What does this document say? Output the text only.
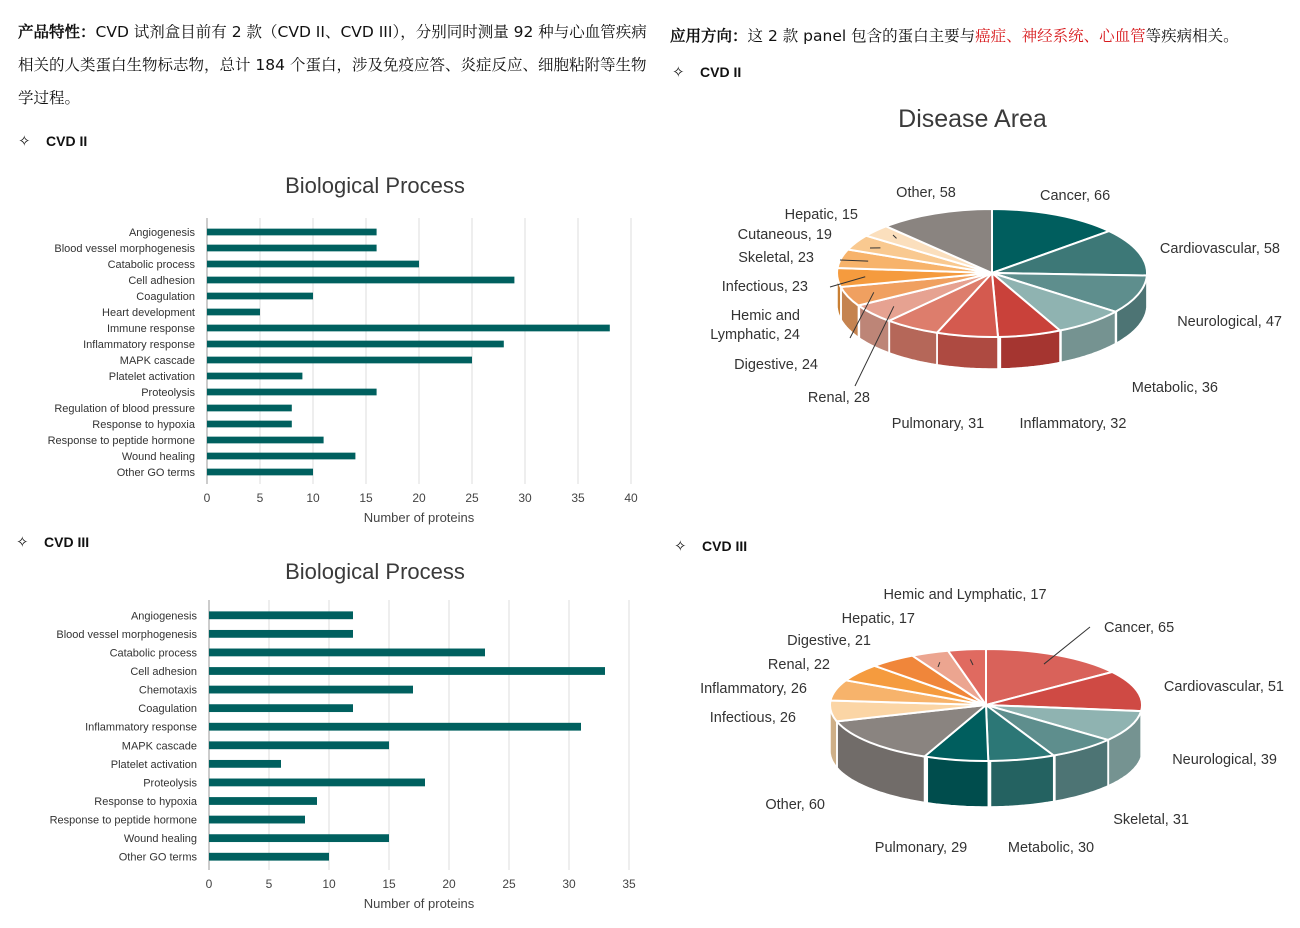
产品特性：CVD 试剂盒目前有 2 款（CVD II、CVD III），分别同时测量 92 种与心血管疾病相关的人类蛋白生物标志物，总计 184 个蛋白，涉及免疫应答、炎症反应、细胞粘附等生物学过程。
应用方向：这 2 款 panel 包含的蛋白主要与癌症、神经系统、心血管等疾病相关。
✧ CVD II
✧ CVD II
✧ CVD III	✧ CVD III
Biological Process
0	5	10	15	20	25	30	35	40
Angiogenesis
Blood vessel morphogenesis
Catabolic process
Cell adhesion
Coagulation
Heart development
Immune response
Inflammatory response
MAPK cascade
Platelet activation
Proteolysis
Regulation of blood pressure
Response to hypoxia
Response to peptide hormone
Wound healing
Other GO terms
Number of proteins
Disease Area
Cancer, 66
Cardiovascular, 58
Neurological, 47
Metabolic, 36
Inflammatory, 32
Pulmonary, 31
Renal, 28
Digestive, 24
Hemic and
Lymphatic, 24
Infectious, 23
Skeletal, 23
Cutaneous, 19
Hepatic, 15
Other, 58
Biological Process
0	5	10	15	20	25	30	35
Angiogenesis
Blood vessel morphogenesis
Catabolic process
Cell adhesion
Chemotaxis
Coagulation
Inflammatory response
MAPK cascade
Platelet activation
Proteolysis
Response to hypoxia
Response to peptide hormone
Wound healing
Other GO terms
Number of proteins
Cancer, 65
Cardiovascular, 51
Neurological, 39
Skeletal, 31
Metabolic, 30
Pulmonary, 29
Other, 60
Infectious, 26
Inflammatory, 26
Renal, 22
Digestive, 21
Hepatic, 17
Hemic and Lymphatic, 17
